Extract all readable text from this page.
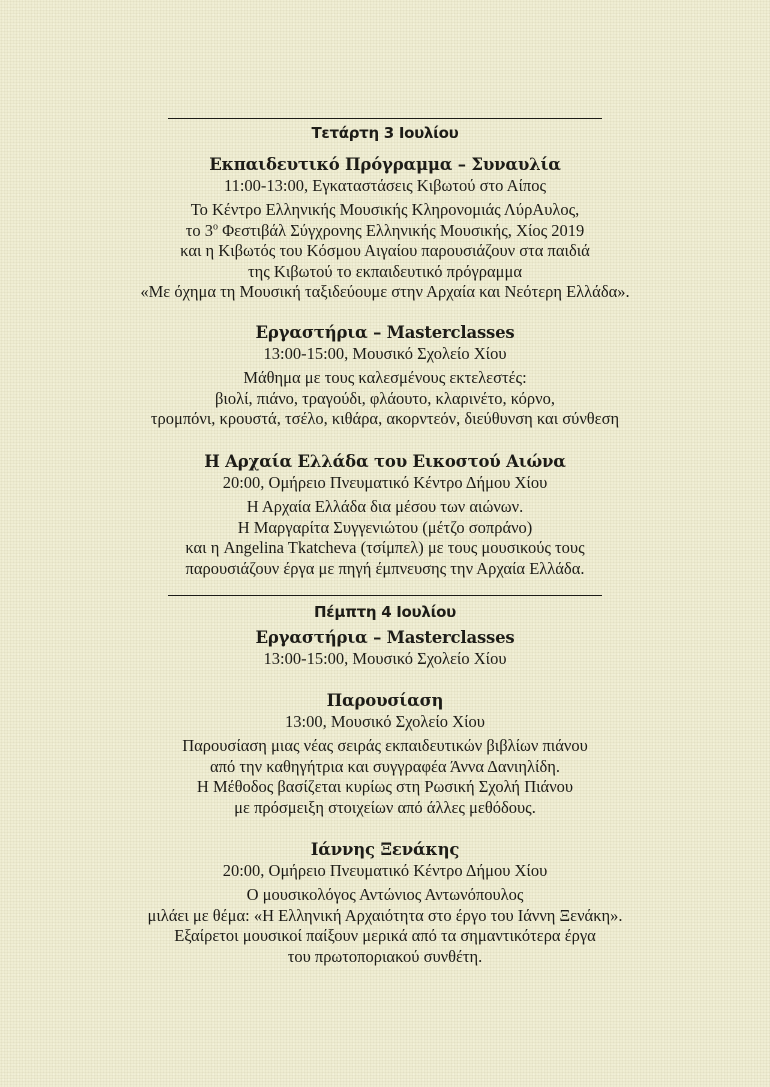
Τετάρτη 3 Ιουλίου
Εκπαιδευτικό Πρόγραμμα – Συναυλία
11:00-13:00, Εγκαταστάσεις Κιβωτού στο Αίπος
Το Κέντρο Ελληνικής Μουσικής Κληρονομιάς ΛύρΑυλος,
το $3^o$ Φεστιβάλ Σύγχρονης Ελληνικής Μουσικής, Χίος 2019
και η Κιβωτός του Κόσμου Αιγαίου παρουσιάζουν στα παιδιά
της Κιβωτού το εκπαιδευτικό πρόγραμμα
«Με όχημα τη Μουσική ταξιδεύουμε στην Αρχαία και Νεότερη Ελλάδα».
Εργαστήρια – Masterclasses
13:00-15:00, Μουσικό Σχολείο Χίου
Μάθημα με τους καλεσμένους εκτελεστές:
βιολί, πιάνο, τραγούδι, φλάουτο, κλαρινέτο, κόρνο,
τρομπόνι, κρουστά, τσέλο, κιθάρα, ακορντεόν, διεύθυνση και σύνθεση
Η Αρχαία Ελλάδα του Εικοστού Αιώνα
20:00, Ομήρειο Πνευματικό Κέντρο Δήμου Χίου
Η Αρχαία Ελλάδα δια μέσου των αιώνων.
Η Μαργαρίτα Συγγενιώτου (μέτζο σοπράνο)
και η Angelina Tkatcheva (τσίμπελ) με τους μουσικούς τους
παρουσιάζουν έργα με πηγή έμπνευσης την Αρχαία Ελλάδα.
Πέμπτη 4 Ιουλίου
Εργαστήρια – Masterclasses
13:00-15:00, Μουσικό Σχολείο Χίου
Παρουσίαση
13:00, Μουσικό Σχολείο Χίου
Παρουσίαση μιας νέας σειράς εκπαιδευτικών βιβλίων πιάνου
από την καθηγήτρια και συγγραφέα Άννα Δανιηλίδη.
Η Μέθοδος βασίζεται κυρίως στη Ρωσική Σχολή Πιάνου
με πρόσμειξη στοιχείων από άλλες μεθόδους.
Ιάννης Ξενάκης
20:00, Ομήρειο Πνευματικό Κέντρο Δήμου Χίου
Ο μουσικολόγος Αντώνιος Αντωνόπουλος
μιλάει με θέμα: «Η Ελληνική Αρχαιότητα στο έργο του Ιάννη Ξενάκη».
Εξαίρετοι μουσικοί παίξουν μερικά από τα σημαντικότερα έργα
του πρωτοποριακού συνθέτη.
